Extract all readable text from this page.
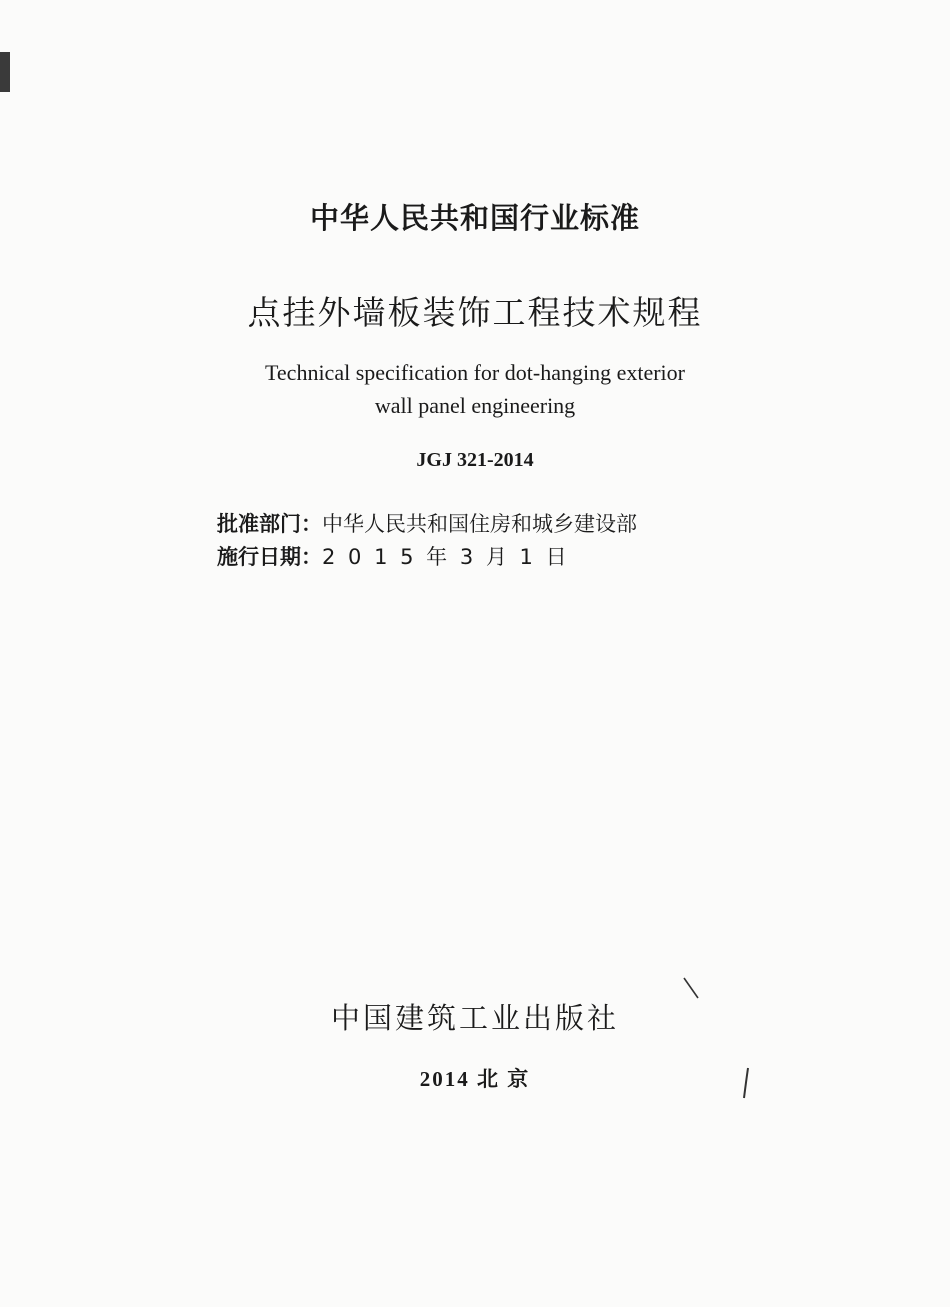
中华人民共和国行业标准
点挂外墙板装饰工程技术规程
Technical specification for dot-hanging exterior
wall panel engineering
JGJ 321-2014
批准部门：中华人民共和国住房和城乡建设部
施行日期：2 0 1 5 年 3 月 1 日
中国建筑工业出版社
2014 北 京
